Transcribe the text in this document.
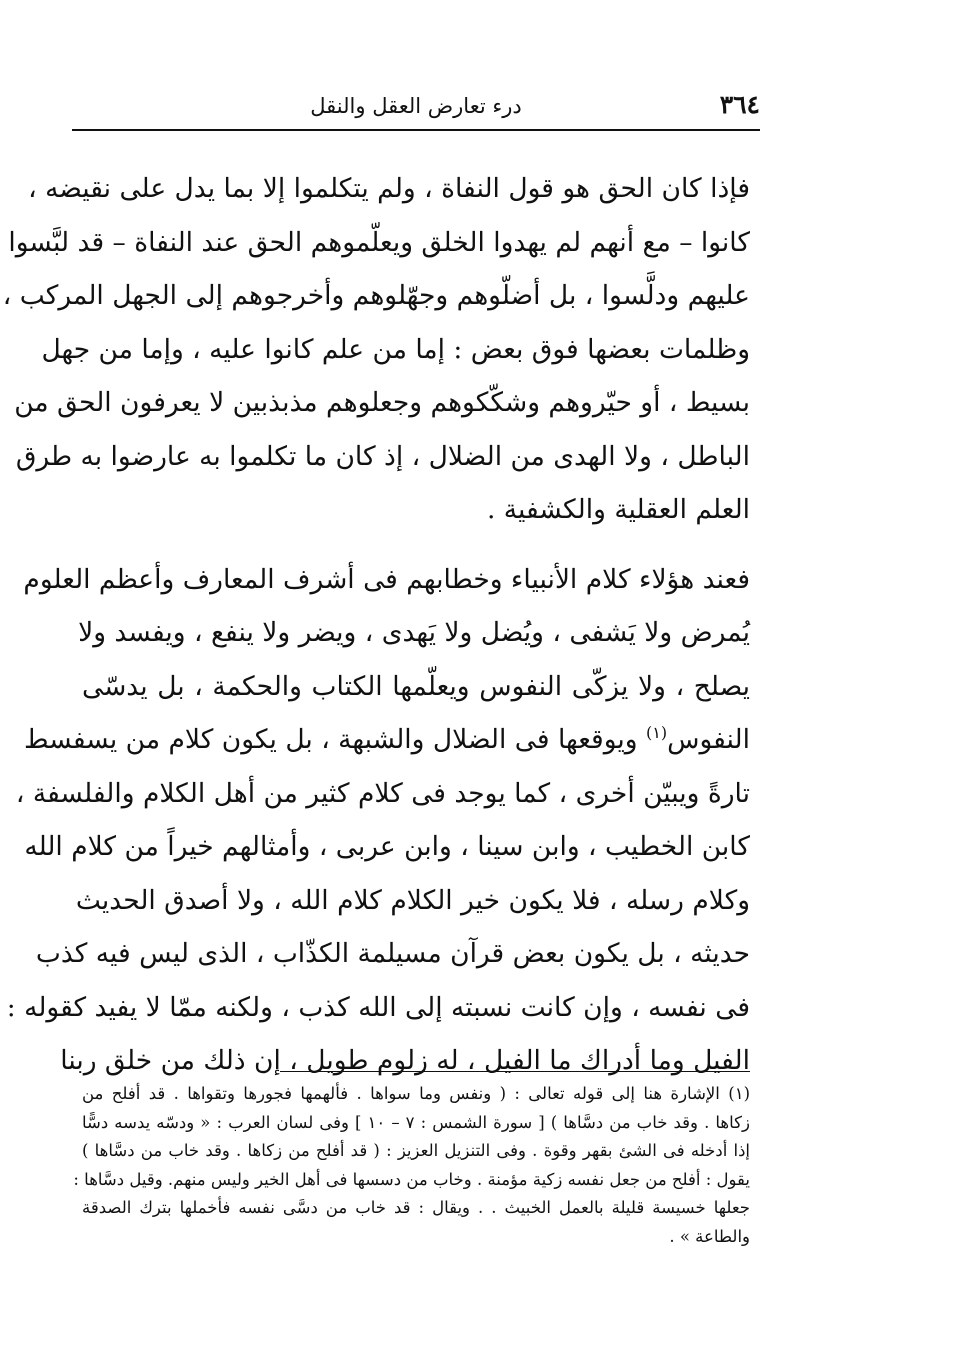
٣٦٤
درء تعارض العقل والنقل
فإذا كان الحق هو قول النفاة ، ولم يتكلموا إلا بما يدل على نقيضه ،
كانوا – مع أنهم لم يهدوا الخلق ويعلّموهم الحق عند النفاة – قد لبَّسوا
عليهم ودلَّسوا ، بل أضلّوهم وجهّلوهم وأخرجوهم إلى الجهل المركب ،
وظلمات بعضها فوق بعض : إما من علم كانوا عليه ، وإما من جهل
بسيط ، أو حيّروهم وشكّكوهم وجعلوهم مذبذبين لا يعرفون الحق من
الباطل ، ولا الهدى من الضلال ، إذ كان ما تكلموا به عارضوا به طرق
العلم العقلية والكشفية .
فعند هؤلاء كلام الأنبياء وخطابهم فى أشرف المعارف وأعظم العلوم
يُمرض ولا يَشفى ، ويُضل ولا يَهدى ، ويضر ولا ينفع ، ويفسد ولا
يصلح ، ولا يزكّى النفوس ويعلّمها الكتاب والحكمة ، بل يدسّى
النفوس$^{(١)}$ ويوقعها فى الضلال والشبهة ، بل يكون كلام من يسفسط
تارةً ويبيّن أخرى ، كما يوجد فى كلام كثير من أهل الكلام والفلسفة ،
كابن الخطيب ، وابن سينا ، وابن عربى ، وأمثالهم خيراً من كلام الله
وكلام رسله ، فلا يكون خير الكلام كلام الله ، ولا أصدق الحديث
حديثه ، بل يكون بعض قرآن مسيلمة الكذّاب ، الذى ليس فيه كذب
فى نفسه ، وإن كانت نسبته إلى الله كذب ، ولكنه ممّا لا يفيد كقوله :
الفيل وما أدراك ما الفيل ، له زلوم طويل ، إن ذلك من خلق ربنا
(١) الإشارة هنا إلى قوله تعالى : ( ونفس وما سواها . فألهمها فجورها وتقواها . قد أفلح من
زكاها . وقد خاب من دسَّاها ) [ سورة الشمس : ٧ – ١٠ ] وفى لسان العرب : « ودسّه يدسه دسًّا
إذا أدخله فى الشئ بقهر وقوة . وفى التنزيل العزيز : ( قد أفلح من زكاها . وقد خاب من دسَّاها )
يقول : أفلح من جعل نفسه زكية مؤمنة . وخاب من دسسها فى أهل الخير وليس منهم. وقيل دسَّاها :
جعلها خسيسة قليلة بالعمل الخبيث . . ويقال : قد خاب من دسَّى نفسه فأخملها بترك الصدقة
والطاعة » .
